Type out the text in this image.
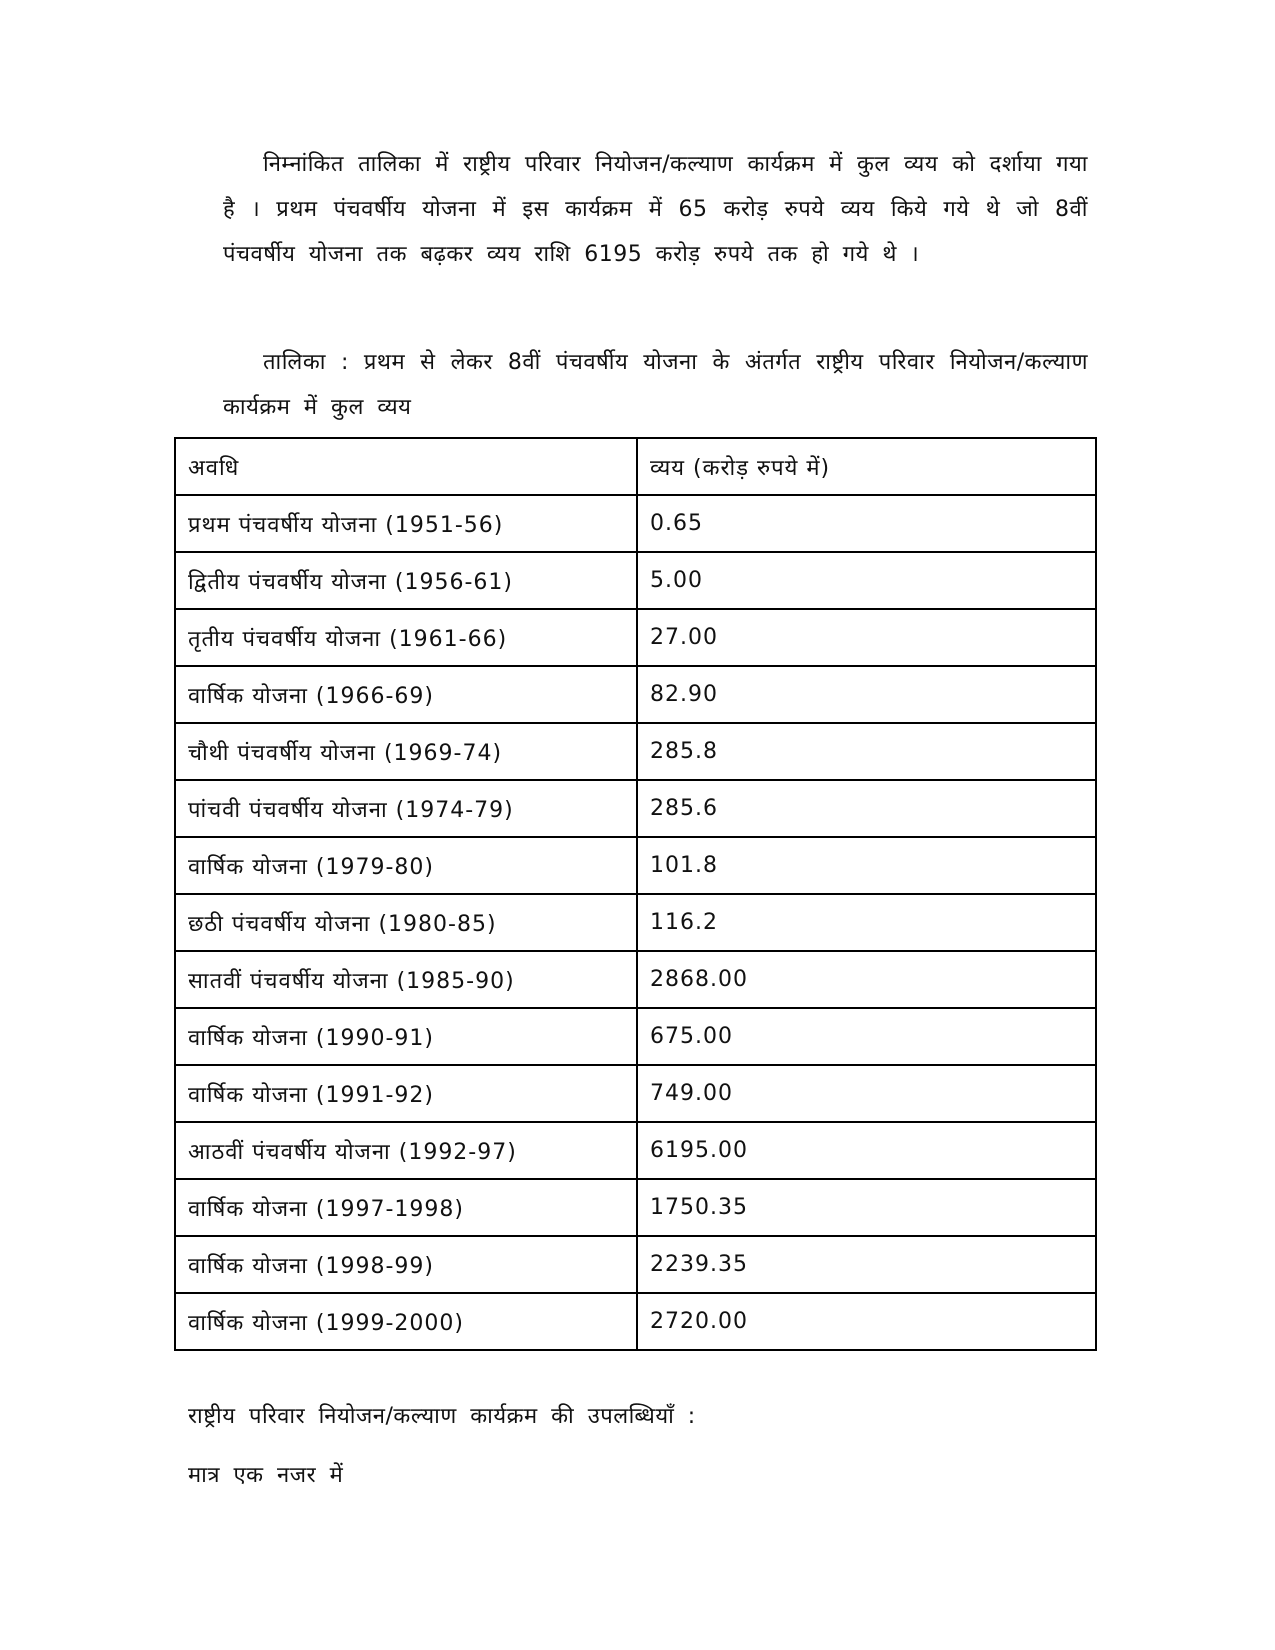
निम्नांकित तालिका में राष्ट्रीय परिवार नियोजन/कल्याण कार्यक्रम में कुल व्यय को दर्शाया गया है । प्रथम पंचवर्षीय योजना में इस कार्यक्रम में 65 करोड़ रुपये व्यय किये गये थे जो 8वीं पंचवर्षीय योजना तक बढ़कर व्यय राशि 6195 करोड़ रुपये तक हो गये थे ।

तालिका : प्रथम से लेकर 8वीं पंचवर्षीय योजना के अंतर्गत राष्ट्रीय परिवार नियोजन/कल्याण कार्यक्रम में कुल व्यय

अवधि	व्यय (करोड़ रुपये में)
प्रथम पंचवर्षीय योजना (1951-56)	0.65
द्वितीय पंचवर्षीय योजना (1956-61)	5.00
तृतीय पंचवर्षीय योजना (1961-66)	27.00
वार्षिक योजना (1966-69)	82.90
चौथी पंचवर्षीय योजना (1969-74)	285.8
पांचवी पंचवर्षीय योजना (1974-79)	285.6
वार्षिक योजना (1979-80)	101.8
छठी पंचवर्षीय योजना (1980-85)	116.2
सातवीं पंचवर्षीय योजना (1985-90)	2868.00
वार्षिक योजना (1990-91)	675.00
वार्षिक योजना (1991-92)	749.00
आठवीं पंचवर्षीय योजना (1992-97)	6195.00
वार्षिक योजना (1997-1998)	1750.35
वार्षिक योजना (1998-99)	2239.35
वार्षिक योजना (1999-2000)	2720.00

राष्ट्रीय परिवार नियोजन/कल्याण कार्यक्रम की उपलब्धियाँ :

मात्र एक नजर में
